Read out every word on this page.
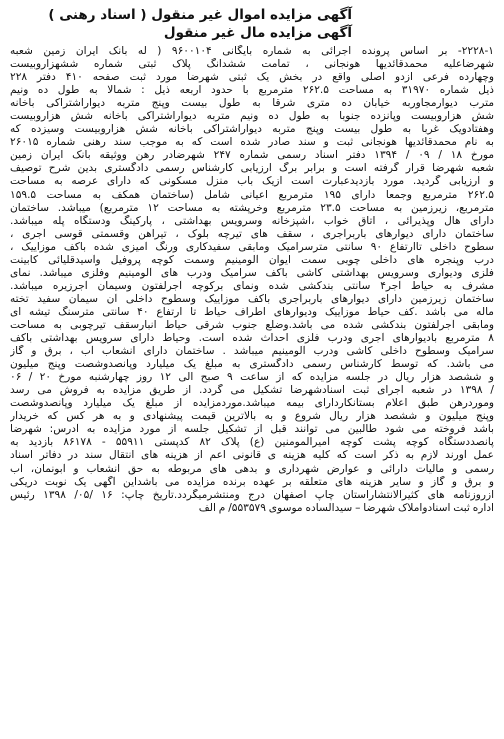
آگهی مزایده اموال غیر منقول ( اسناد رهنی )

آگهی مزایده مال غیر منقول

۲۲۲۸-۱- بر اساس پرونده اجرائی به شماره بایگانی ۹۶۰۰۱۰۴ ( له بانک ایران زمین شعبه
شهرضاعلیه محمدقائدیها هونجانی ، تمامت ششدانگ پلاک ثبتی شماره ششهزاروبیست
وچهارده فرعی ازدو اصلی واقع در بخش یک ثبتی شهرضا مورد ثبت صفحه ۴۱۰ دفتر ۲۲۸
ذیل شماره ۳۱۹۷۰ به مساحت ۲۶۲.۵ مترمربع با حدود اربعه ذیل : شمالا به طول ده ونیم
مترب دیوارمجاوربه خیابان ده متری شرقا به طول بیست وپنج متربه دیواراشتراکی باخانه
شش هزاروبیست وپانزده جنوبا به طول ده ونیم متربه دیواراشتراکی باخانه شش هزاروبیست
وهفتادویک غربا به طول بیست وپنج متربه دیواراشتراکی باخانه شش هزاروبیست وسیزده که
به نام محمدقائدیها هونجانی ثبت و سند صادر شده است که به موجب سند رهنی شماره ۲۶۰۱۵
مورخ ۱۸ / ۰۹ / ۱۳۹۴ دفتر اسناد رسمی شماره ۲۴۷ شهرضادر رهن ووثیقه بانک ایران زمین
شعبه شهرضا قرار گرفته است و برابر برگ ارزیابی کارشناس رسمی دادگستری بدین شرح توصیف
و ارزیابی گردید. مورد بازدیدعبارت است ازیک باب منزل مسکونی که دارای عرصه به مساحت
۲۶۲.۵ مترمربع وجمعا دارای ۱۹۵ مترمربع اعیانی شامل (ساختمان همکف به مساحت ۱۵۹.۵
مترمربع، زیرزمین به مساحت ۲۳.۵ مترمربع وخرپشته به مساحت ۱۲ مترمربع) میباشد. ساختمان
دارای هال وپذیرائی ، اتاق خواب ،آشپزخانه وسرویس بهداشتی ، پارکینگ ودستگاه پله میباشد.
ساختمان دارای دیوارهای باربرآجری ، سقف های تیرچه بلوک ، تیراهن وقسمتی قوسی آجری ،
سطوح داخلی تاارتفاع ۹۰ سانتی مترسرامیک ومابقی سفیدکاری ورنگ آمیزی شده باکف موزاییک ،
درب وپنجره های داخلی چوبی سمت ایوان آلومینیم وسمت کوچه پروفیل وآسیدقلیائی کابینت
فلزی ودیواری وسرویس بهداشتی کاشی باکف سرامیک ودرب های آلومینیم وفلزی میباشد. نمای
مشرف به حیاط آجر۴ سانتی بندکشی شده ونمای برکوچه آجرلفتون وسیمان آجرزیره میباشد.
ساختمان زیرزمین دارای دیوارهای باربرآجری باکف موزاییک وسطوح داخلی آن سیمان سفید تخته
ماله می باشد .کف حیاط موزاییک ودیوارهای اطراف حیاط تا ارتفاع ۴۰ سانتی مترسنگ تیشه ای
ومابقی آجرلفتون بندکشی شده می باشد.وضلع جنوب شرقی حیاط انبارسقف تیرچوبی به مساحت
۸ مترمربع بادیوارهای آجری ودرب فلزی احداث شده است. وحیاط دارای سرویس بهداشتی باکف
سرامیک وسطوح داخلی کاشی ودرب آلومینیم میباشد . ساختمان دارای انشعاب آب ، برق و گاز
می باشد. که توسط کارشناس رسمی دادگستری به مبلغ یک میلیارد وپانصدوشصت وپنج میلیون
و ششصد هزار ریال در جلسه مزایده که از ساعت ۹ صبح الی ۱۲ روز چهارشنبه مورخ ۲۰ / ۰۶
/ ۱۳۹۸ در شعبه اجرای ثبت اسنادشهرضا تشکیل می گردد. از طریق مزایده به فروش می رسد
وموردرهن طبق اعلام بستانکاردارای بیمه میباشد.موردمزایده از مبلغ یک میلیارد وپانصدوشصت
وپنج میلیون و ششصد هزار ریال شروع و به بالاترین قیمت پیشنهادی و به هر کس که خریدار
باشد فروخته می شود طالبین می توانند قبل از تشکیل جلسه از مورد مزایده به آدرس: شهرضا
پانصددستگاه کوچه پشت کوچه امیرالمومنین (ع) پلاک ۸۲ کدپستی ۵۵۹۱۱ - ۸۶۱۷۸ بازدید به
عمل آورند لازم به ذکر است که کلیه هزینه ی قانونی اعم از هزینه های انتقال سند در دفاتر اسناد
رسمی و مالیات دارائی و عوارض شهرداری و بدهی های مربوطه به حق انشعاب و آبونمان، آب
و برق و گاز و سایر هزینه های متعلقه بر عهده برنده مزایده می باشداین آگهی یک نوبت دریکی
ازروزنامه های کثیرالانتشاراستان چاپ اصفهان درج ومنتشرمیگردد.تاریخ چاپ: ۱۶ /۰۵/ ۱۳۹۸ رئیس
اداره ثبت اسنادواملاک شهرضا – سیدالساده موسوی ۵۵۳۵۷۹/ م الف
